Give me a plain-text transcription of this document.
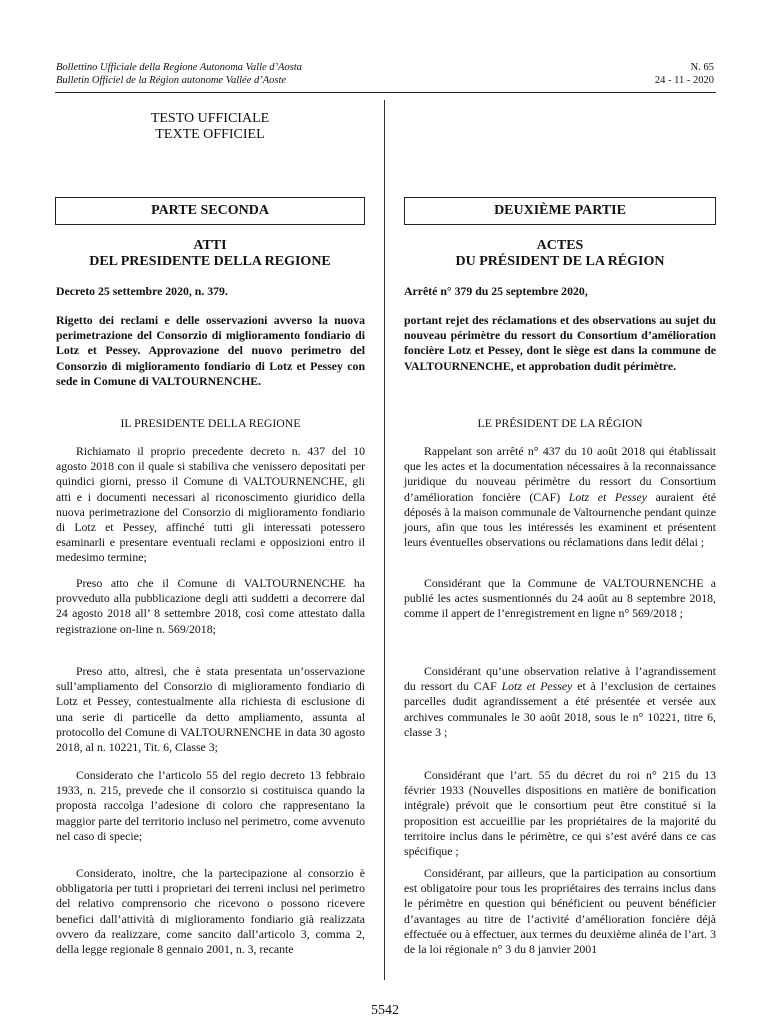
Bollettino Ufficiale della Regione Autonoma Valle d’Aosta
Bulletin Officiel de la Région autonome Vallée d’Aoste
N. 65
24 - 11 - 2020
TESTO UFFICIALE
TEXTE OFFICIEL
PARTE SECONDA	DEUXIÈME PARTIE
ATTI
DEL PRESIDENTE DELLA REGIONE
ACTES
DU PRÉSIDENT DE LA RÉGION
Decreto 25 settembre 2020, n. 379.
Rigetto dei reclami e delle osservazioni avverso la nuova perimetrazione del Consorzio di miglioramento fondiario di Lotz et Pessey. Approvazione del nuovo perimetro del Consorzio di miglioramento fondiario di Lotz et Pessey con sede in Comune di VALTOURNENCHE.
IL PRESIDENTE DELLA REGIONE
Richiamato il proprio precedente decreto n. 437 del 10 agosto 2018 con il quale si stabiliva che venissero depositati per quindici giorni, presso il Comune di VALTOURNENCHE, gli atti e i documenti necessari al riconoscimento giuridico della nuova perimetrazione del Consorzio di miglioramento fondiario di Lotz et Pessey, affinché tutti gli interessati potessero esaminarli e presentare eventuali reclami e opposizioni entro il medesimo termine;
Preso atto che il Comune di VALTOURNENCHE ha provveduto alla pubblicazione degli atti suddetti a decorrere dal 24 agosto 2018 all’ 8 settembre 2018, così come attestato dalla registrazione on-line n. 569/2018;
Preso atto, altresì, che è stata presentata un’osservazione sull’ampliamento del Consorzio di miglioramento fondiario di Lotz et Pessey, contestualmente alla richiesta di esclusione di una serie di particelle da detto ampliamento, assunta al protocollo del Comune di VALTOURNENCHE in data 30 agosto 2018, al n. 10221, Tit. 6, Classe 3;
Considerato che l’articolo 55 del regio decreto 13 febbraio 1933, n. 215, prevede che il consorzio si costituisca quando la proposta raccolga l’adesione di coloro che rappresentano la maggior parte del territorio incluso nel perimetro, come avvenuto nel caso di specie;
Considerato, inoltre, che la partecipazione al consorzio è obbligatoria per tutti i proprietari dei terreni inclusi nel perimetro del relativo comprensorio che ricevono o possono ricevere benefici dall’attività di miglioramento fondiario già realizzata ovvero da realizzare, come sancito dall’articolo 3, comma 2, della legge regionale 8 gennaio 2001, n. 3, recante
Arrêté n° 379 du 25 septembre 2020,
portant rejet des réclamations et des observations au sujet du nouveau périmètre du ressort du Consortium d’amélioration foncière Lotz et Pessey, dont le siège est dans la commune de VALTOURNENCHE, et approbation dudit périmètre.
LE PRÉSIDENT DE LA RÉGION
Rappelant son arrêté n° 437 du 10 août 2018 qui établissait que les actes et la documentation nécessaires à la reconnaissance juridique du nouveau périmètre du ressort du Consortium d’amélioration foncière (CAF) Lotz et Pessey auraient été déposés à la maison communale de Valtournenche pendant quinze jours, afin que tous les intéressés les examinent et présentent leurs éventuelles observations ou réclamations dans ledit délai ;
Considérant que la Commune de VALTOURNENCHE a publié les actes susmentionnés du 24 août au 8 septembre 2018, comme il appert de l’enregistrement en ligne n° 569/2018 ;
Considérant qu’une observation relative à l’agrandissement du ressort du CAF Lotz et Pessey et à l’exclusion de certaines parcelles dudit agrandissement a été présentée et versée aux archives communales le 30 août 2018, sous le n° 10221, titre 6, classe 3 ;
Considérant que l’art. 55 du décret du roi n° 215 du 13 février 1933 (Nouvelles dispositions en matière de bonification intégrale) prévoit que le consortium peut être constitué si la proposition est accueillie par les propriétaires de la majorité du territoire inclus dans le périmètre, ce qui s’est avéré dans ce cas spécifique ;
Considérant, par ailleurs, que la participation au consortium est obligatoire pour tous les propriétaires des terrains inclus dans le périmètre en question qui bénéficient ou peuvent bénéficier d’avantages au titre de l’activité d’amélioration foncière déjà effectuée ou à effectuer, aux termes du deuxième alinéa de l’art. 3 de la loi régionale n° 3 du 8 janvier 2001
5542
